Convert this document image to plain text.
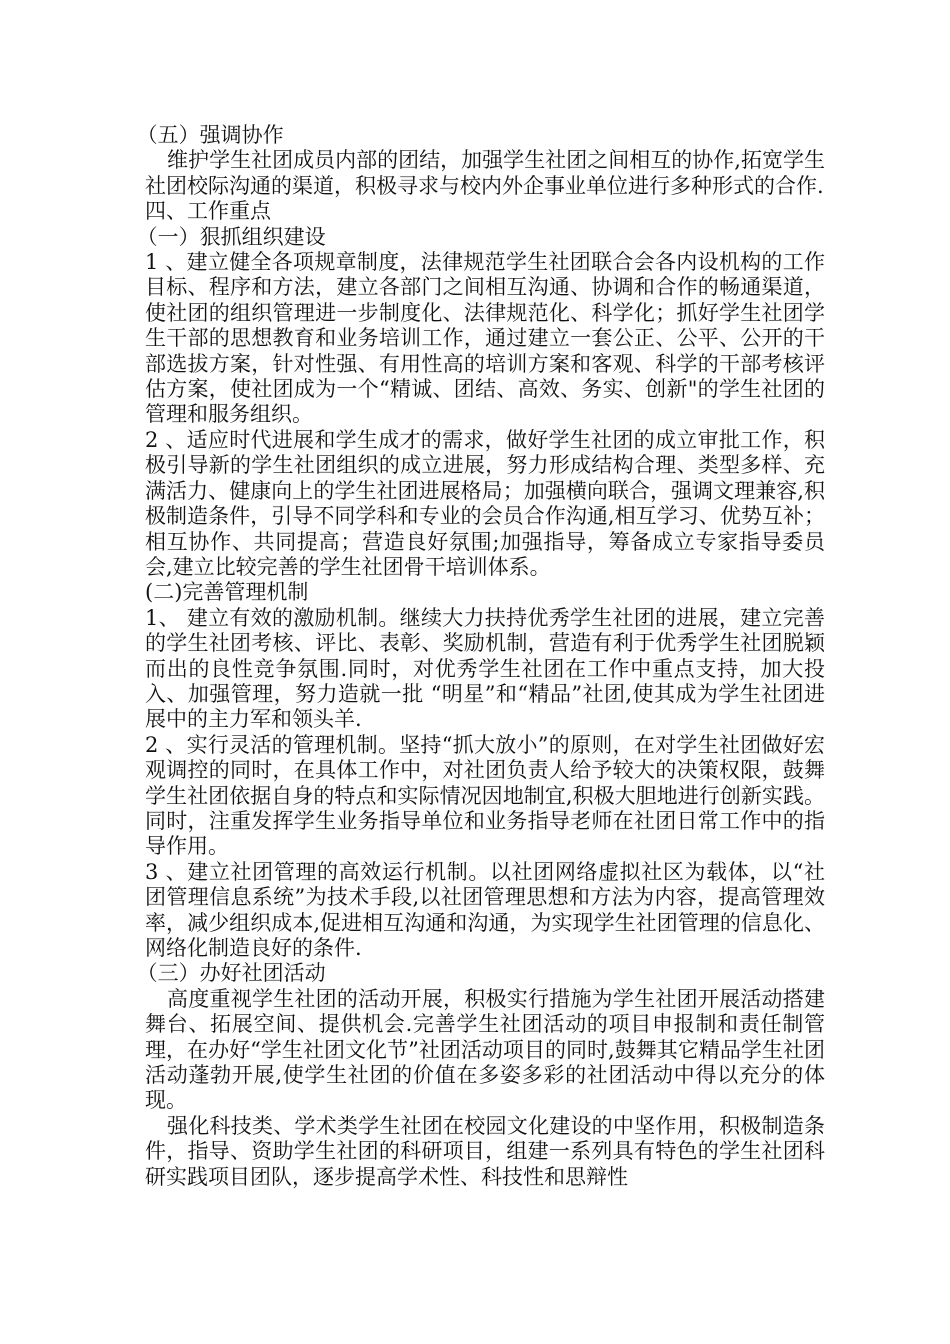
（五）强调协作

维护学生社团成员内部的团结，加强学生社团之间相互的协作,拓宽学生社团校际沟通的渠道，积极寻求与校内外企事业单位进行多种形式的合作.

四、工作重点

（一）狠抓组织建设

1 、建立健全各项规章制度，法律规范学生社团联合会各内设机构的工作目标、程序和方法，建立各部门之间相互沟通、协调和合作的畅通渠道，使社团的组织管理进一步制度化、法律规范化、科学化；抓好学生社团学生干部的思想教育和业务培训工作，通过建立一套公正、公平、公开的干部选拔方案，针对性强、有用性高的培训方案和客观、科学的干部考核评估方案，使社团成为一个“精诚、团结、高效、务实、创新"的学生社团的管理和服务组织。

2 、适应时代进展和学生成才的需求，做好学生社团的成立审批工作，积极引导新的学生社团组织的成立进展，努力形成结构合理、类型多样、充满活力、健康向上的学生社团进展格局；加强横向联合，强调文理兼容,积极制造条件，引导不同学科和专业的会员合作沟通,相互学习、优势互补；相互协作、共同提高；营造良好氛围;加强指导，筹备成立专家指导委员会,建立比较完善的学生社团骨干培训体系。

(二)完善管理机制

1、 建立有效的激励机制。继续大力扶持优秀学生社团的进展，建立完善的学生社团考核、评比、表彰、奖励机制，营造有利于优秀学生社团脱颖而出的良性竞争氛围.同时，对优秀学生社团在工作中重点支持，加大投入、加强管理，努力造就一批 “明星”和“精品”社团,使其成为学生社团进展中的主力军和领头羊.

2 、实行灵活的管理机制。坚持“抓大放小”的原则，在对学生社团做好宏观调控的同时，在具体工作中，对社团负责人给予较大的决策权限，鼓舞学生社团依据自身的特点和实际情况因地制宜,积极大胆地进行创新实践。同时，注重发挥学生业务指导单位和业务指导老师在社团日常工作中的指导作用。

3 、建立社团管理的高效运行机制。以社团网络虚拟社区为载体，以“社团管理信息系统”为技术手段,以社团管理思想和方法为内容，提高管理效率，减少组织成本,促进相互沟通和沟通，为实现学生社团管理的信息化、网络化制造良好的条件.

（三）办好社团活动

高度重视学生社团的活动开展，积极实行措施为学生社团开展活动搭建舞台、拓展空间、提供机会.完善学生社团活动的项目申报制和责任制管理，在办好“学生社团文化节”社团活动项目的同时,鼓舞其它精品学生社团活动蓬勃开展,使学生社团的价值在多姿多彩的社团活动中得以充分的体现。

强化科技类、学术类学生社团在校园文化建设的中坚作用，积极制造条件，指导、资助学生社团的科研项目，组建一系列具有特色的学生社团科研实践项目团队，逐步提高学术性、科技性和思辩性
